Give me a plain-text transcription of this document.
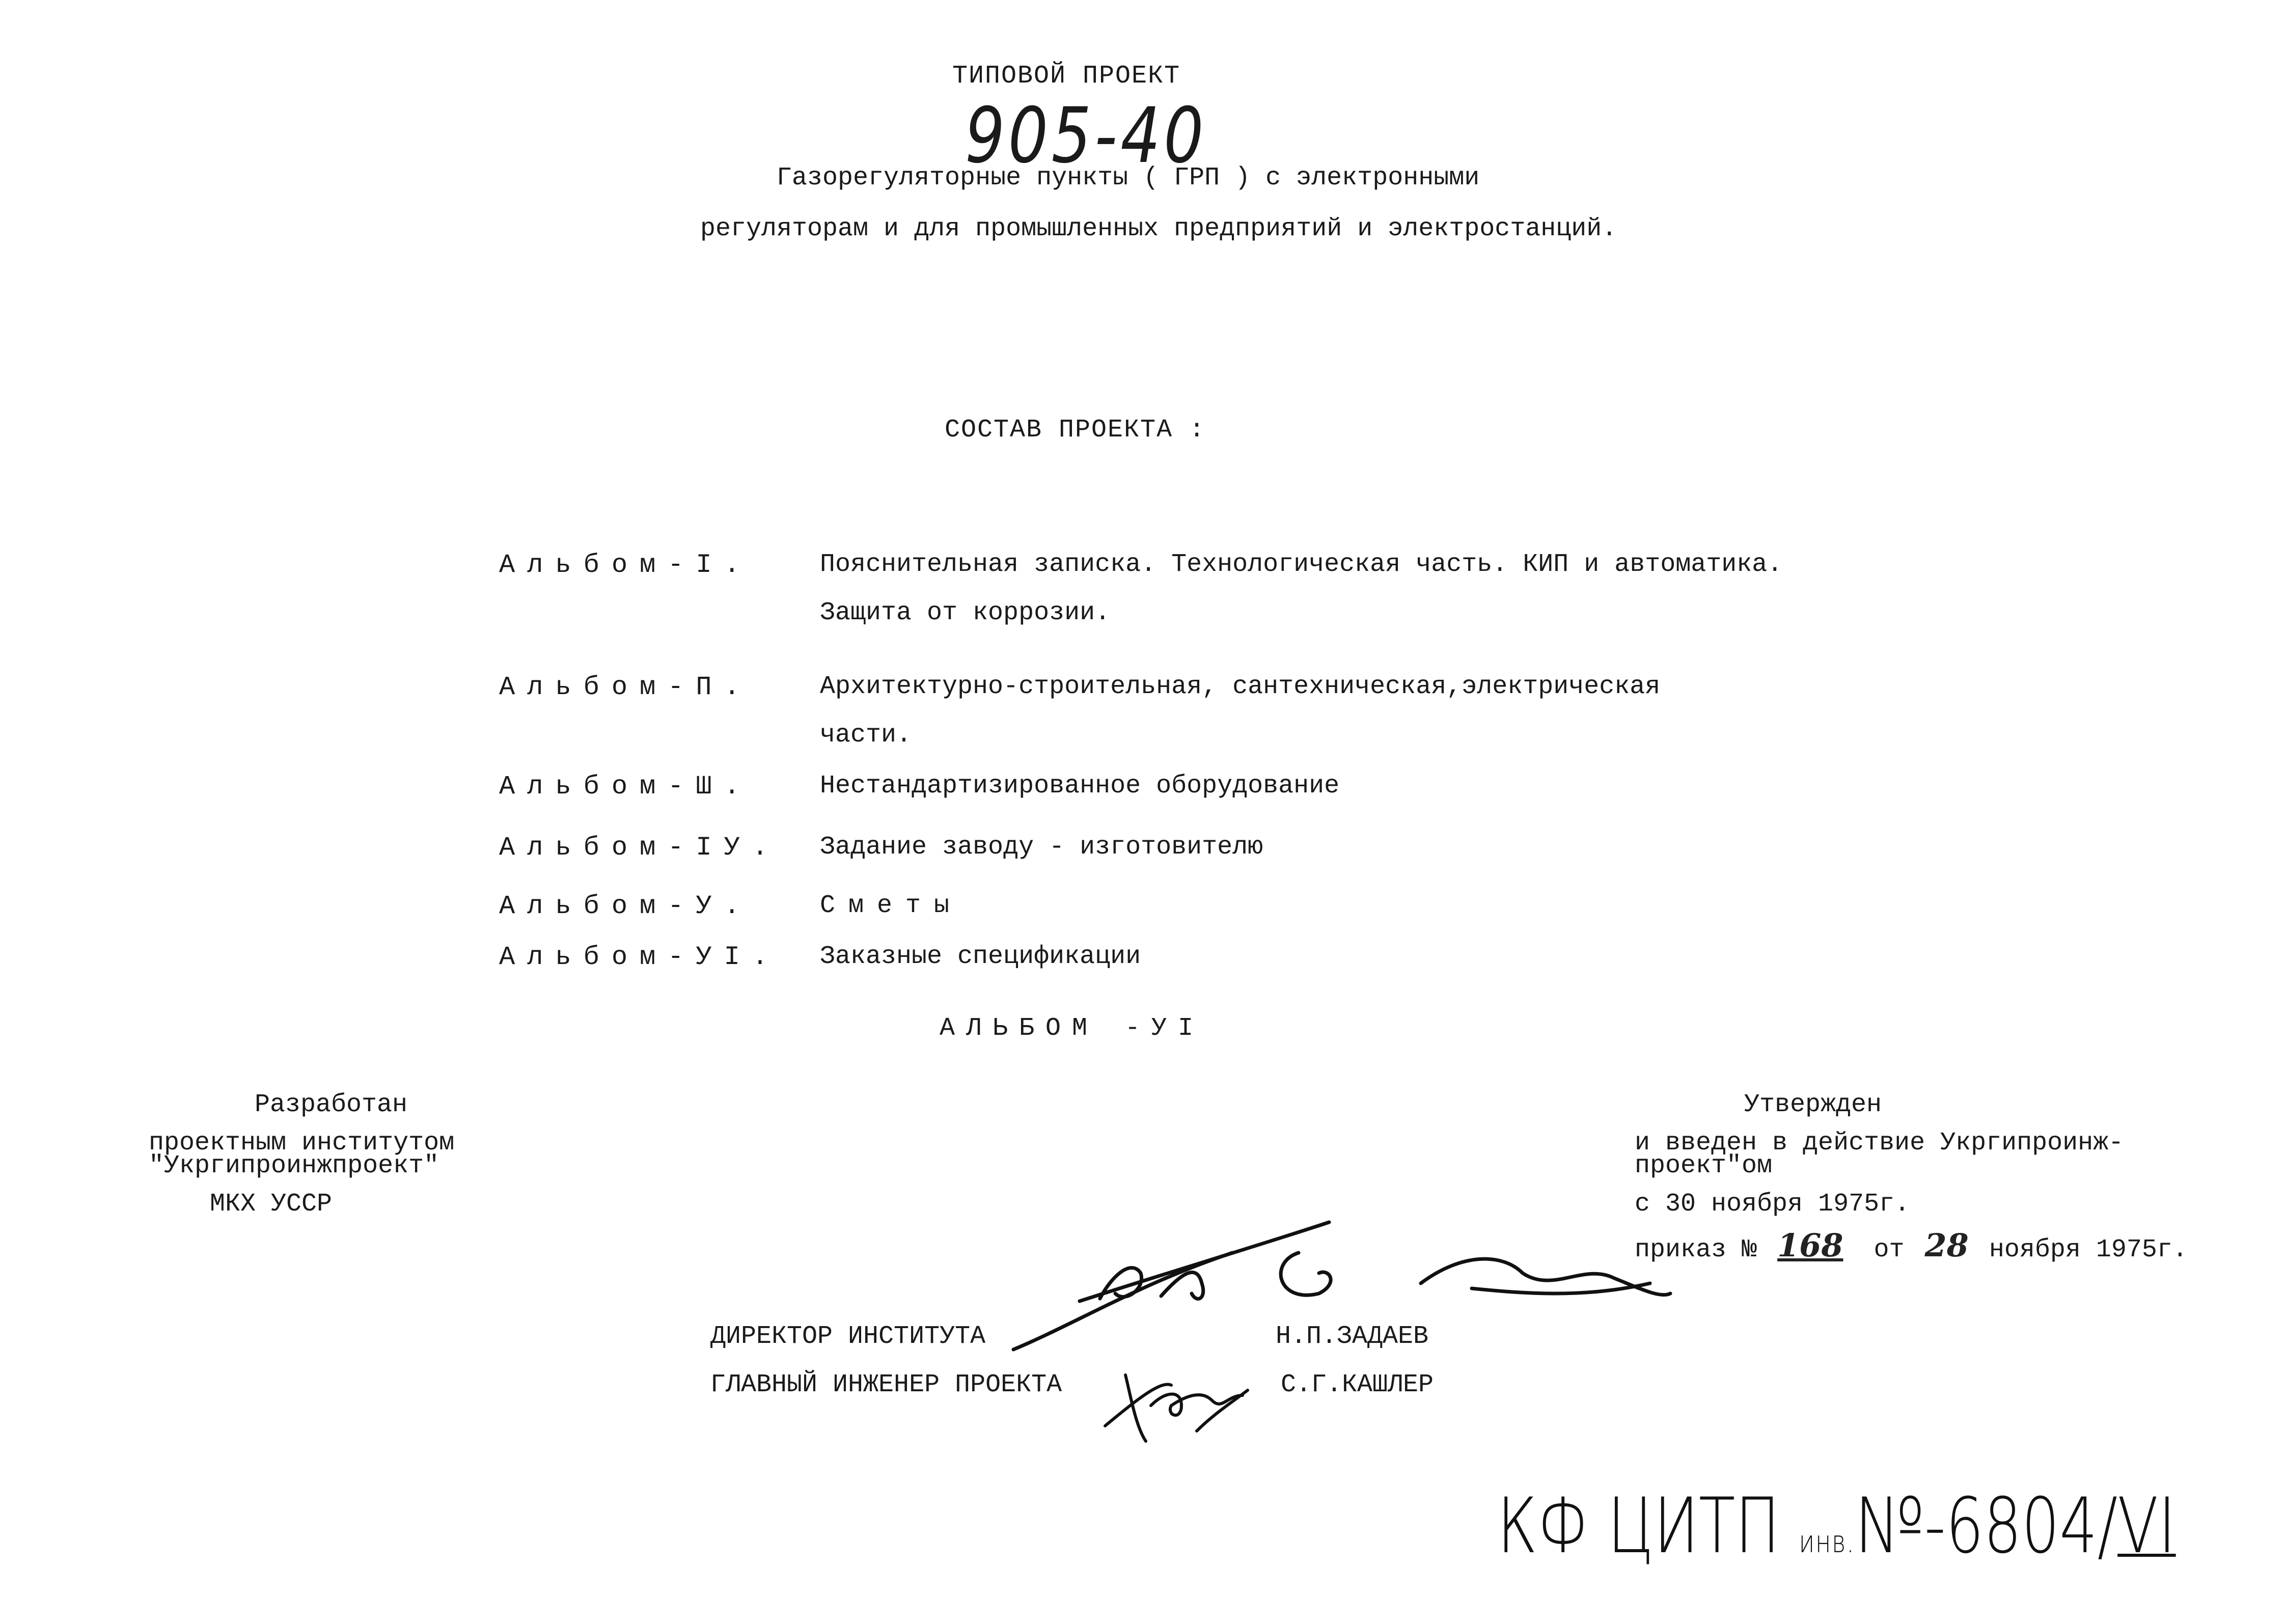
ТИПОВОЙ ПРОЕКТ
905-40
Газорегуляторные пункты ( ГРП ) с электронными
регуляторам и для промышленных предприятий и электростанций.
СОСТАВ ПРОЕКТА :
Альбом-I.	Пояснительная записка. Технологическая часть. КИП и автоматика.
Защита от коррозии.
Альбом-П.	Архитектурно-строительная, сантехническая,электрическая
части.
Альбом-Ш.	Нестандартизированное оборудование
Альбом-IУ. Задание заводу - изготовителю
Альбом-У.	Сметы
Альбом-УI. Заказные спецификации
АЛЬБОМ -УI
Разработан
проектным институтом
"Укргипроинжпроект"
МКХ УССР
Утвержден
и введен в действие Укргипроинж-
проект"ом
с 30 ноября 1975г.
приказ № 168 от 28 ноября 1975г.
ДИРЕКТОР ИНСТИТУТА	Н.П.ЗАДАЕВ
ГЛАВНЫЙ ИНЖЕНЕР ПРОЕКТА	С.Г.КАШЛЕР
КФ ЦИТП инв.№-6804/VI
